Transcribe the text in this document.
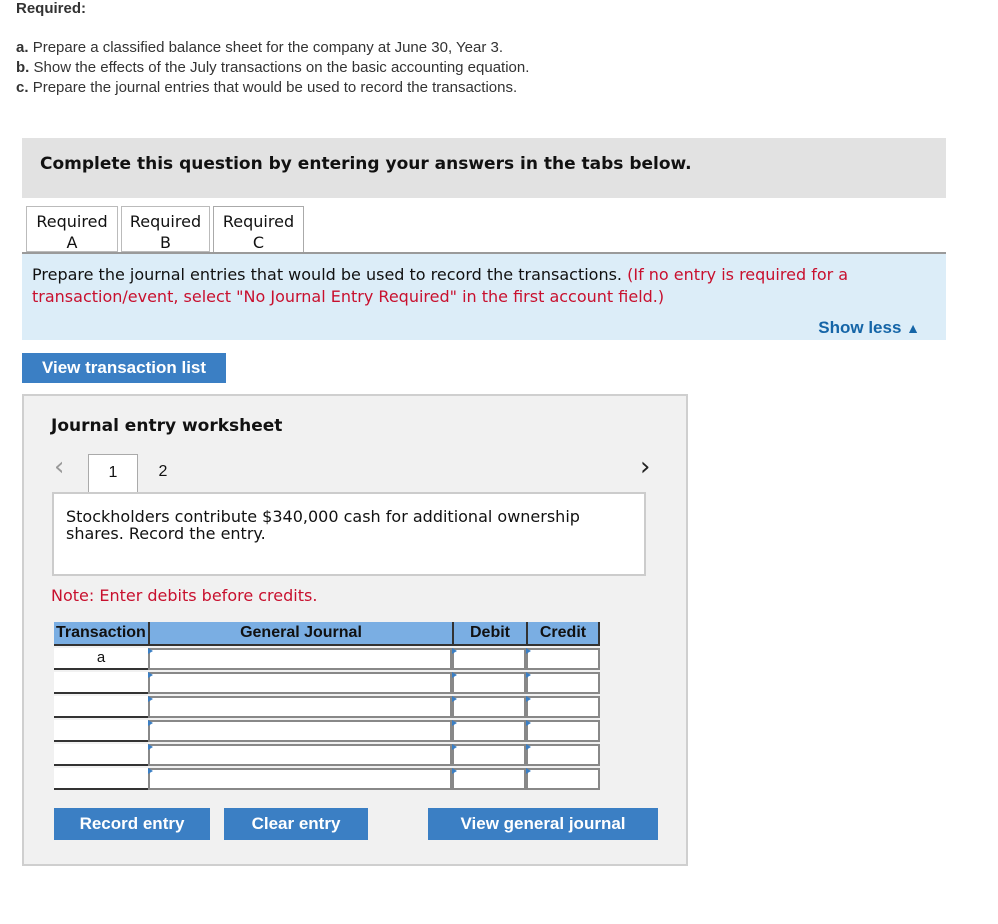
Required:
a. Prepare a classified balance sheet for the company at June 30, Year 3.
b. Show the effects of the July transactions on the basic accounting equation.
c. Prepare the journal entries that would be used to record the transactions.
Complete this question by entering your answers in the tabs below.
Required
A
Required
B
Required
C
Prepare the journal entries that would be used to record the transactions. (If no entry is required for a transaction/event, select "No Journal Entry Required" in the first account field.)
Show less ▲
View transaction list
Journal entry worksheet
‹	1	2	›
Stockholders contribute $340,000 cash for additional ownership shares. Record the entry.
Note: Enter debits before credits.
Transaction	General Journal	Debit	Credit
a
Record entry	Clear entry	View general journal
